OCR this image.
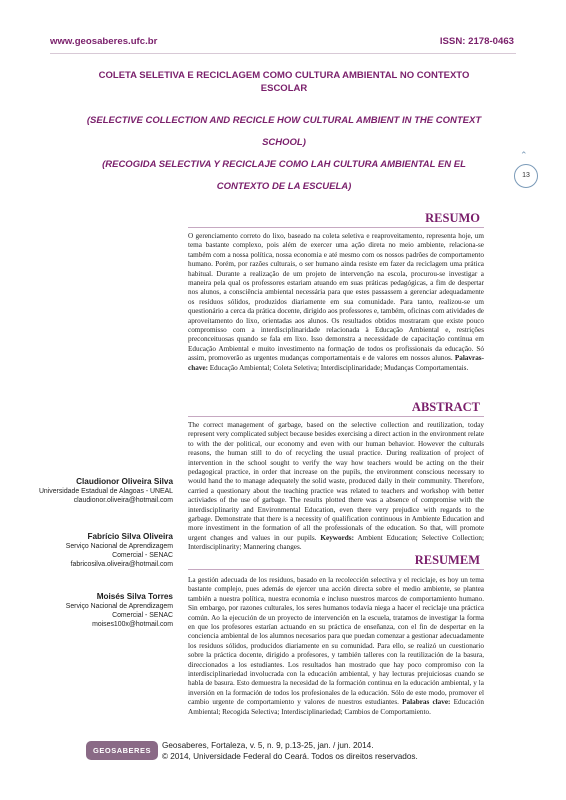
www.geosaberes.ufc.br	ISSN: 2178-0463
COLETA SELETIVA E RECICLAGEM COMO CULTURA AMBIENTAL NO CONTEXTO ESCOLAR
(SELECTIVE COLLECTION AND RECICLE HOW CULTURAL AMBIENT IN THE CONTEXT SCHOOL)
(RECOGIDA SELECTIVA Y RECICLAJE COMO LAH CULTURA AMBIENTAL EN EL CONTEXTO DE LA ESCUELA)
⌃
13
RESUMO
O gerenciamento correto do lixo, baseado na coleta seletiva e reaproveitamento, representa hoje, um tema bastante complexo, pois além de exercer uma ação direta no meio ambiente, relaciona-se também com a nossa política, nossa economia e até mesmo com os nossos padrões de comportamento humano. Porém, por razões culturais, o ser humano ainda resiste em fazer da reciclagem uma prática habitual. Durante a realização de um projeto de intervenção na escola, procurou-se investigar a maneira pela qual os professores estariam atuando em suas práticas pedagógicas, a fim de despertar nos alunos, a consciência ambiental necessária para que estes passassem a gerenciar adequadamente os resíduos sólidos, produzidos diariamente em sua comunidade. Para tanto, realizou-se um questionário a cerca da prática docente, dirigido aos professores e, também, oficinas com atividades de aproveitamento do lixo, orientadas aos alunos. Os resultados obtidos mostraram que existe pouco compromisso com a interdisciplinaridade relacionada à Educação Ambiental e, restrições preconceituosas quando se fala em lixo. Isso demonstra a necessidade de capacitação contínua em Educação Ambiental e muito investimento na formação de todos os profissionais da educação. Só assim, promoverão as urgentes mudanças comportamentais e de valores em nossos alunos. Palavras-chave: Educação Ambiental; Coleta Seletiva; Interdisciplinaridade; Mudanças Comportamentais.
ABSTRACT
The correct management of garbage, based on the selective collection and reutilization, today represent very complicated subject because besides exercising a direct action in the environment relate to with the der political, our economy and even with our human behavior. However the culturals reasons, the human still to do of recycling the usual practice. During realization of project of intervention in the school sought to verify the way how teachers would be acting on the their pedagogical practice, in order that increase on the pupils, the environment conscious necessary to would hand the to manage adequately the solid waste, produced daily in their community. Therefore, carried a questionary about the teaching practice was related to teachers and workshop with better activiades of the use of garbage. The results plotted there was a absence of compromise with the interdisciplinarity and Environmental Education, even there very prejudice with regards to the garbage. Demonstrate that there is a necessity of qualification continuous in Ambiente Education and more investiment in the formation of all the professionals of the education. So that, will promote urgent changes and values in our pupils. Keywords: Ambient Education; Selective Collection; Interdisciplinarity; Mannering changes.
RESUMEM
La gestión adecuada de los residuos, basado en la recolección selectiva y el reciclaje, es hoy un tema bastante complejo, pues además de ejercer una acción directa sobre el medio ambiente, se plantea también a nuestra política, nuestra economía e incluso nuestros marcos de comportamiento humano. Sin embargo, por razones culturales, los seres humanos todavía niega a hacer el reciclaje una práctica común. Ao la ejecución de un proyecto de intervención en la escuela, tratamos de investigar la forma en que los profesores estarían actuando en su práctica de enseñanza, con el fin de despertar en la conciencia ambiental de los alumnos necesarios para que puedan comenzar a gestionar adecuadamente los residuos sólidos, producidos diariamente en su comunidad. Para ello, se realizó un cuestionario sobre la práctica docente, dirigido a profesores, y también talleres con la reutilización de la basura, direccionados a los estudiantes. Los resultados han mostrado que hay poco compromiso con la interdisciplinariedad involucrada con la educación ambiental, y hay lecturas prejuiciosas cuando se habla de basura. Esto demuestra la necesidad de la formación continua en la educación ambiental, y la inversión en la formación de todos los profesionales de la educación. Sólo de este modo, promover el cambio urgente de comportamiento y valores de nuestros estudiantes. Palabras clave: Educación Ambiental; Recogida Selectiva; Interdisciplinariedad; Cambios de Comportamiento.
Claudionor Oliveira Silva
Universidade Estadual de Alagoas - UNEAL
claudionor.oliveira@hotmail.com
Fabrício Silva Oliveira
Serviço Nacional de Aprendizagem
Comercial - SENAC
fabricosilva.oliveira@hotmail.com
Moisés Silva Torres
Serviço Nacional de Aprendizagem
Comercial - SENAC
moises100x@hotmail.com
GEOSABERES
Geosaberes, Fortaleza, v. 5, n. 9, p.13-25, jan. / jun. 2014.
© 2014, Universidade Federal do Ceará. Todos os direitos reservados.
